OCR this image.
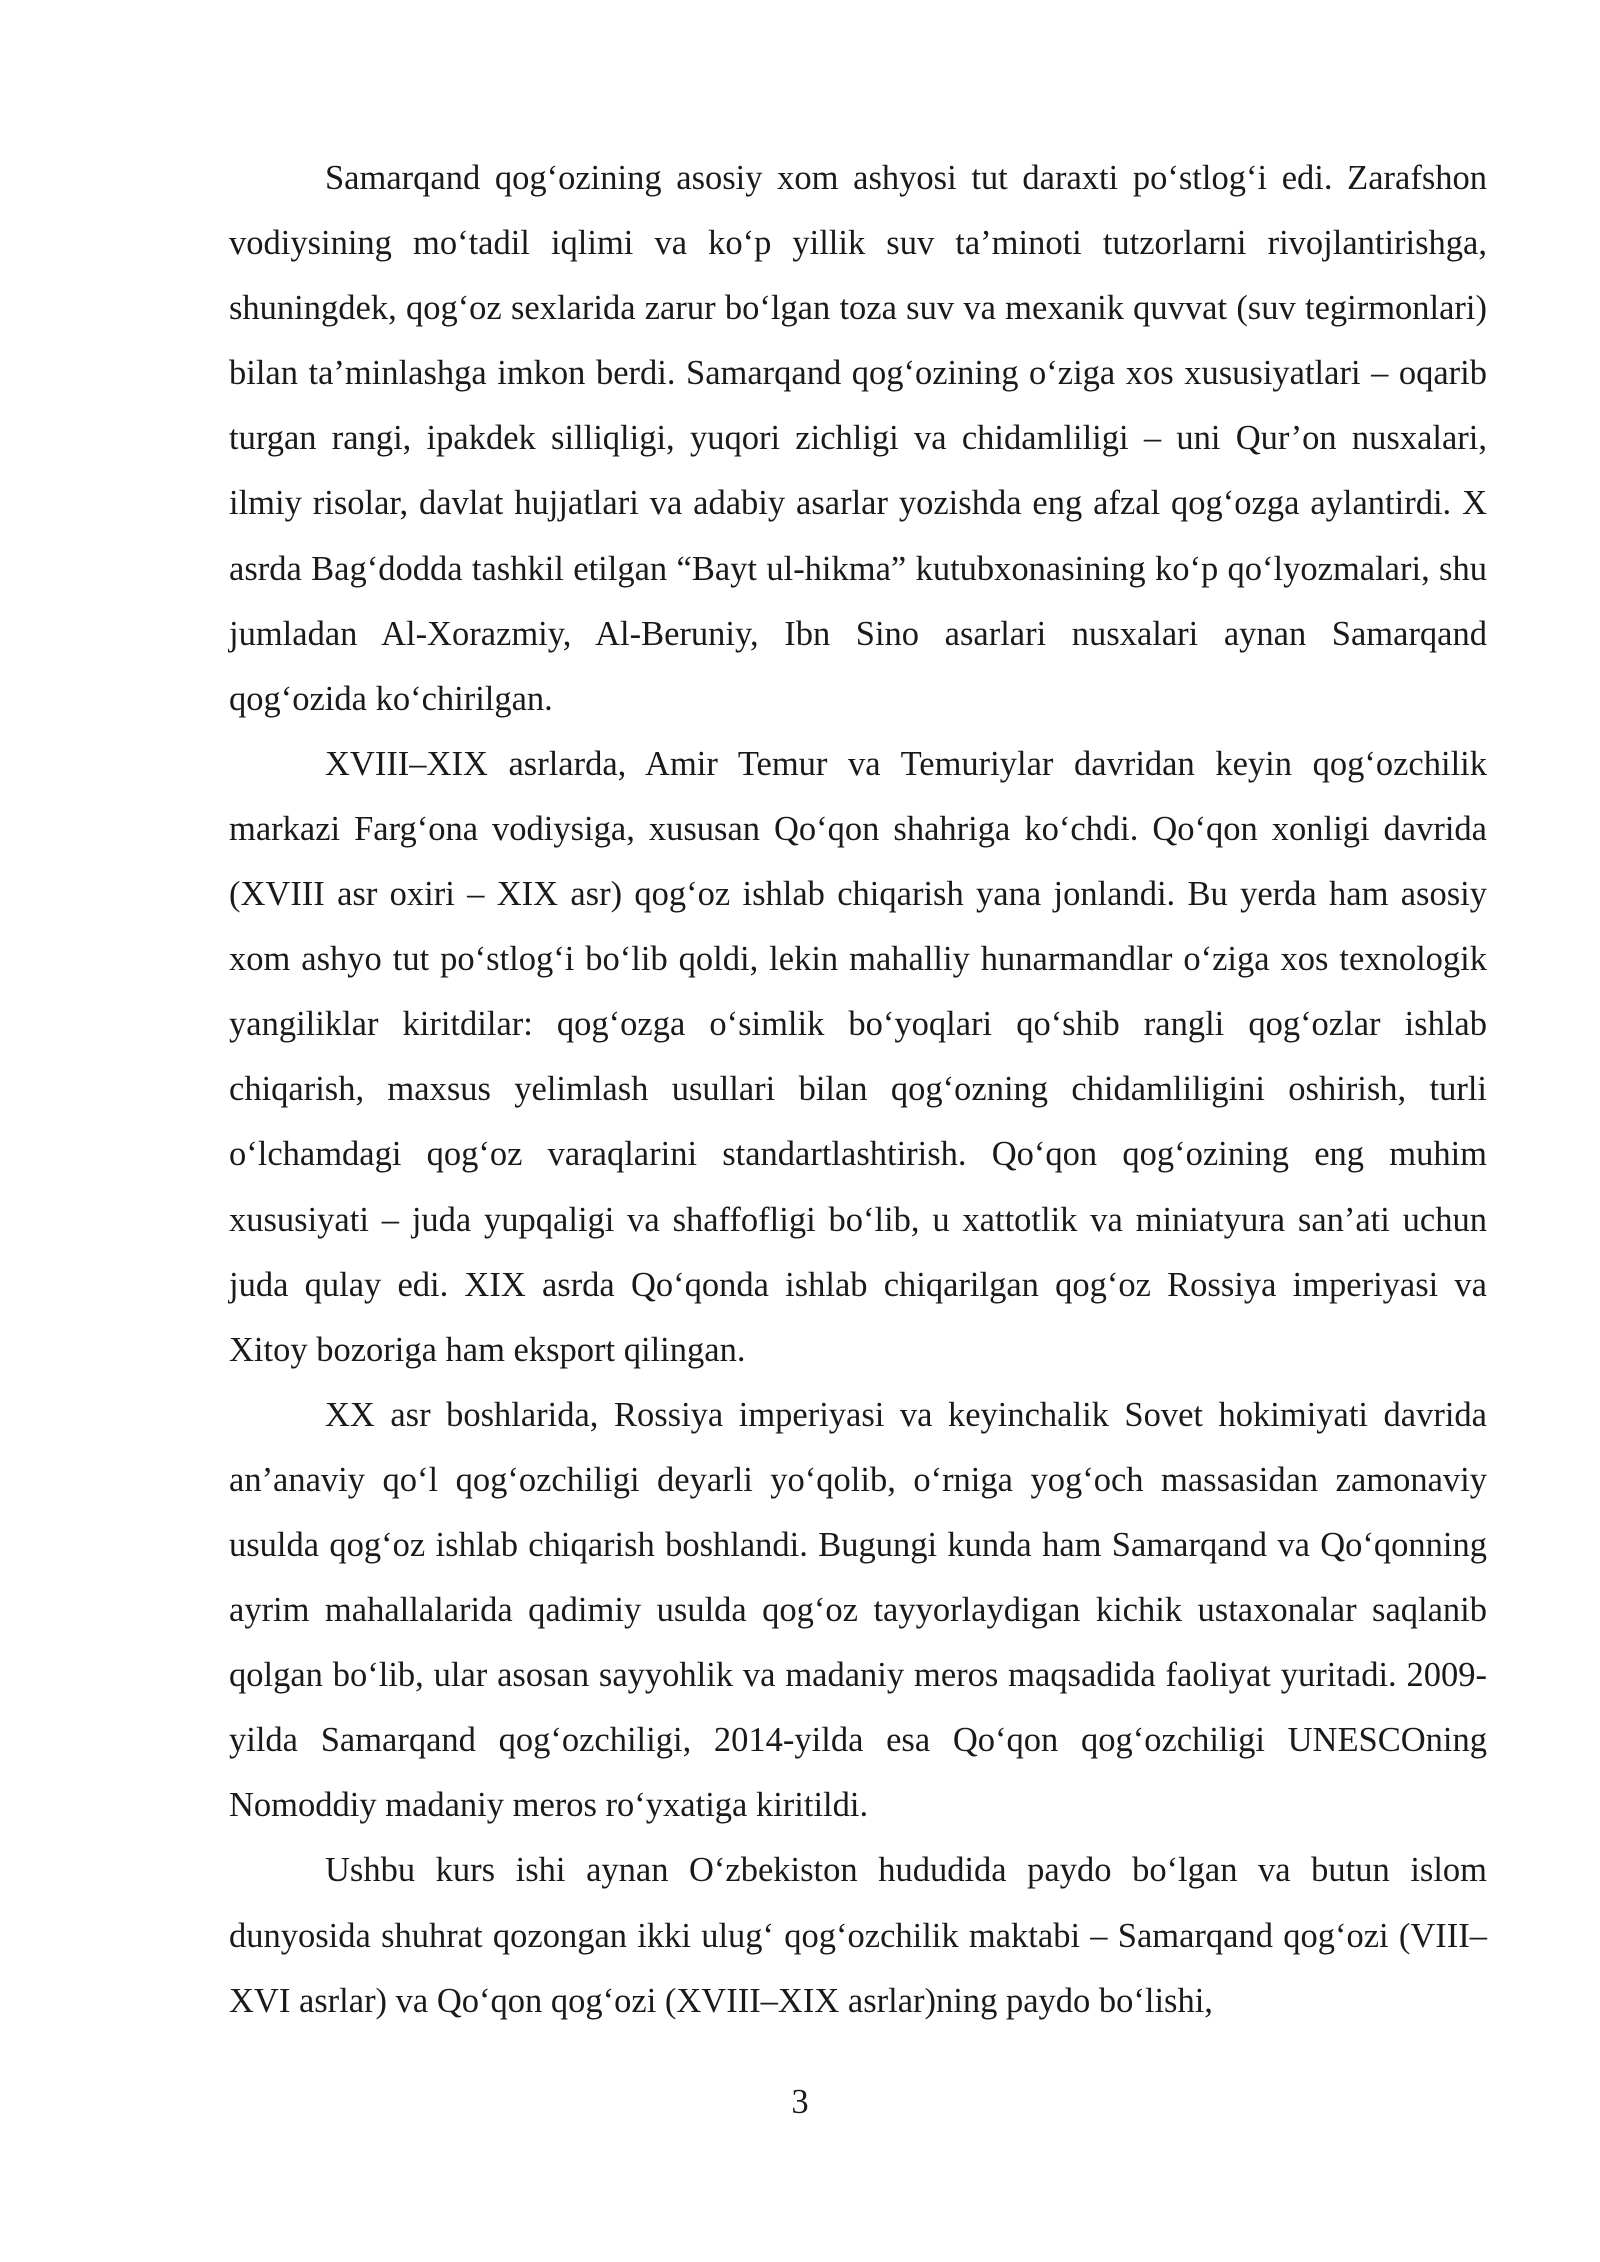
Samarqand qog‘ozining asosiy xom ashyosi tut daraxti po‘stlog‘i edi. Zarafshon vodiysining mo‘tadil iqlimi va ko‘p yillik suv ta’minoti tutzorlarni rivojlantirishga, shuningdek, qog‘oz sexlarida zarur bo‘lgan toza suv va mexanik quvvat (suv tegirmonlari) bilan ta’minlashga imkon berdi. Samarqand qog‘ozining o‘ziga xos xususiyatlari – oqarib turgan rangi, ipakdek silliqligi, yuqori zichligi va chidamliligi – uni Qur’on nusxalari, ilmiy risolar, davlat hujjatlari va adabiy asarlar yozishda eng afzal qog‘ozga aylantirdi. X asrda Bag‘dodda tashkil etilgan “Bayt ul-hikma” kutubxonasining ko‘p qo‘lyozmalari, shu jumladan Al-Xorazmiy, Al-Beruniy, Ibn Sino asarlari nusxalari aynan Samarqand qog‘ozida ko‘chirilgan.

XVIII–XIX asrlarda, Amir Temur va Temuriylar davridan keyin qog‘ozchilik markazi Farg‘ona vodiysiga, xususan Qo‘qon shahriga ko‘chdi. Qo‘qon xonligi davrida (XVIII asr oxiri – XIX asr) qog‘oz ishlab chiqarish yana jonlandi. Bu yerda ham asosiy xom ashyo tut po‘stlog‘i bo‘lib qoldi, lekin mahalliy hunarmandlar o‘ziga xos texnologik yangiliklar kiritdilar: qog‘ozga o‘simlik bo‘yoqlari qo‘shib rangli qog‘ozlar ishlab chiqarish, maxsus yelimlash usullari bilan qog‘ozning chidamliligini oshirish, turli o‘lchamdagi qog‘oz varaqlarini standartlashtirish. Qo‘qon qog‘ozining eng muhim xususiyati – juda yupqaligi va shaffofligi bo‘lib, u xattotlik va miniatyura san’ati uchun juda qulay edi. XIX asrda Qo‘qonda ishlab chiqarilgan qog‘oz Rossiya imperiyasi va Xitoy bozoriga ham eksport qilingan.

XX asr boshlarida, Rossiya imperiyasi va keyinchalik Sovet hokimiyati davrida an’anaviy qo‘l qog‘ozchiligi deyarli yo‘qolib, o‘rniga yog‘och massasidan zamonaviy usulda qog‘oz ishlab chiqarish boshlandi. Bugungi kunda ham Samarqand va Qo‘qonning ayrim mahallalarida qadimiy usulda qog‘oz tayyorlaydigan kichik ustaxonalar saqlanib qolgan bo‘lib, ular asosan sayyohlik va madaniy meros maqsadida faoliyat yuritadi. 2009-yilda Samarqand qog‘ozchiligi, 2014-yilda esa Qo‘qon qog‘ozchiligi UNESCOning Nomoddiy madaniy meros ro‘yxatiga kiritildi.

Ushbu kurs ishi aynan O‘zbekiston hududida paydo bo‘lgan va butun islom dunyosida shuhrat qozongan ikki ulug‘ qog‘ozchilik maktabi – Samarqand qog‘ozi (VIII–XVI asrlar) va Qo‘qon qog‘ozi (XVIII–XIX asrlar)ning paydo bo‘lishi,

3
